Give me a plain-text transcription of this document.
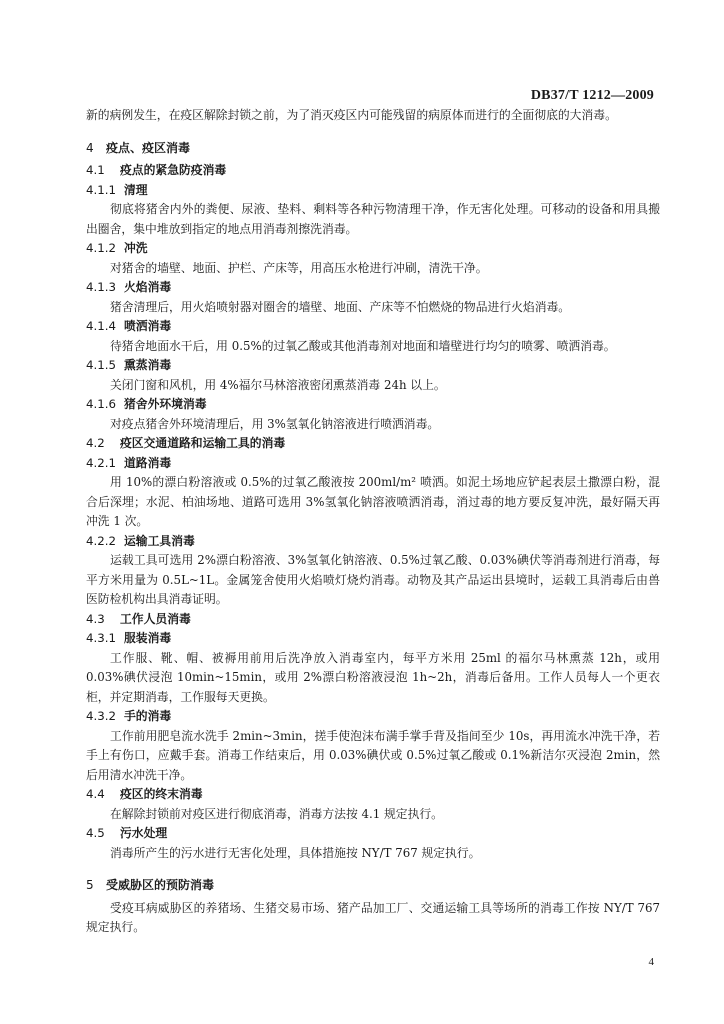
DB37/T 1212—2009

新的病例发生，在疫区解除封锁之前，为了消灭疫区内可能残留的病原体而进行的全面彻底的大消毒。

4 疫点、疫区消毒
4.1 疫点的紧急防疫消毒
4.1.1 清理

彻底将猪舍内外的粪便、尿液、垫料、剩料等各种污物清理干净，作无害化处理。可移动的设备和用具搬出圈舍，集中堆放到指定的地点用消毒剂擦洗消毒。

4.1.2 冲洗

对猪舍的墙壁、地面、护栏、产床等，用高压水枪进行冲刷，清洗干净。

4.1.3 火焰消毒

猪舍清理后，用火焰喷射器对圈舍的墙壁、地面、产床等不怕燃烧的物品进行火焰消毒。

4.1.4 喷洒消毒

待猪舍地面水干后，用 0.5%的过氧乙酸或其他消毒剂对地面和墙壁进行均匀的喷雾、喷洒消毒。

4.1.5 熏蒸消毒

关闭门窗和风机，用 4%福尔马林溶液密闭熏蒸消毒 24h 以上。

4.1.6 猪舍外环境消毒

对疫点猪舍外环境清理后，用 3%氢氧化钠溶液进行喷洒消毒。

4.2 疫区交通道路和运输工具的消毒
4.2.1 道路消毒

用 10%的漂白粉溶液或 0.5%的过氧乙酸液按 200ml/m² 喷洒。如泥土场地应铲起表层土撒漂白粉，混合后深埋；水泥、柏油场地、道路可选用 3%氢氧化钠溶液喷洒消毒，消过毒的地方要反复冲洗，最好隔天再冲洗 1 次。

4.2.2 运输工具消毒

运载工具可选用 2%漂白粉溶液、3%氢氧化钠溶液、0.5%过氧乙酸、0.03%碘伏等消毒剂进行消毒，每平方米用量为 0.5L~1L。金属笼舍使用火焰喷灯烧灼消毒。动物及其产品运出县境时，运载工具消毒后由兽医防检机构出具消毒证明。

4.3 工作人员消毒
4.3.1 服装消毒

工作服、靴、帽、被褥用前用后洗净放入消毒室内，每平方米用 25ml 的福尔马林熏蒸 12h，或用 0.03%碘伏浸泡 10min~15min，或用 2%漂白粉溶液浸泡 1h~2h，消毒后备用。工作人员每人一个更衣柜，并定期消毒，工作服每天更换。

4.3.2 手的消毒

工作前用肥皂流水洗手 2min~3min，搓手使泡沫布满手掌手背及指间至少 10s，再用流水冲洗干净，若手上有伤口，应戴手套。消毒工作结束后，用 0.03%碘伏或 0.5%过氧乙酸或 0.1%新洁尔灭浸泡 2min，然后用清水冲洗干净。

4.4 疫区的终末消毒

在解除封锁前对疫区进行彻底消毒，消毒方法按 4.1 规定执行。

4.5 污水处理

消毒所产生的污水进行无害化处理，具体措施按 NY/T 767 规定执行。

5 受威胁区的预防消毒

受疫耳病威胁区的养猪场、生猪交易市场、猪产品加工厂、交通运输工具等场所的消毒工作按 NY/T 767 规定执行。

4
